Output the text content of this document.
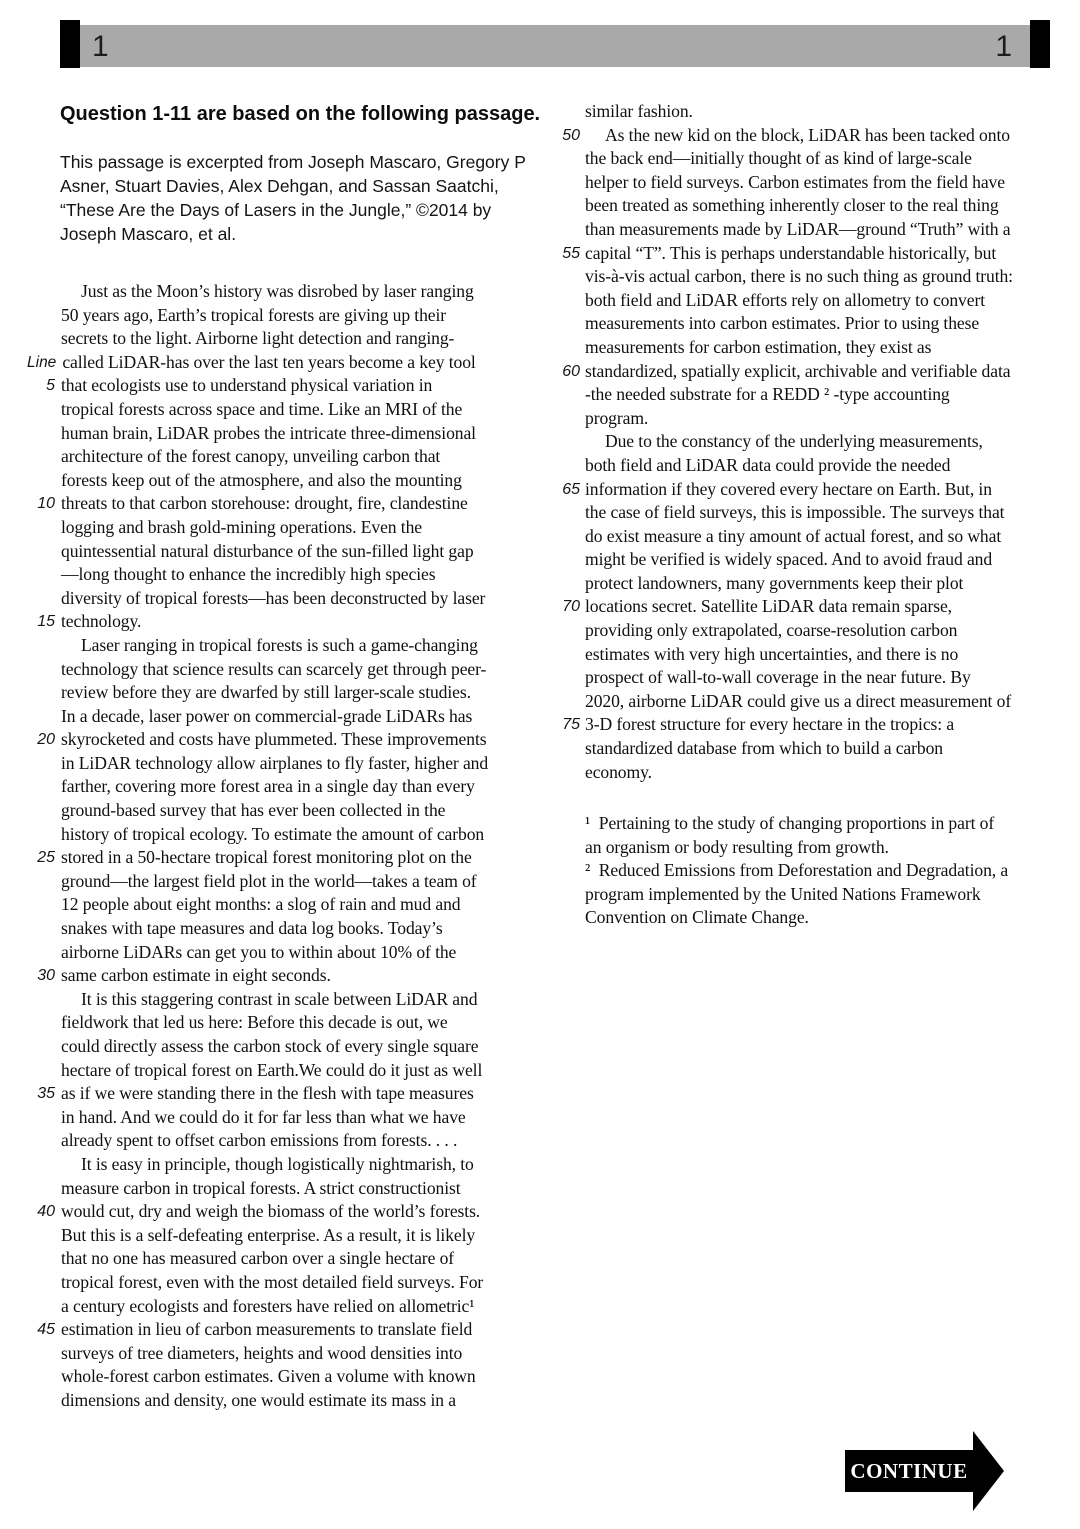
1	1
Question 1-11 are based on the following passage.
This passage is excerpted from Joseph Mascaro, Gregory P
Asner, Stuart Davies, Alex Dehgan, and Sassan Saatchi,
“These Are the Days of Lasers in the Jungle,” ©2014 by
Joseph Mascaro, et al.
Just as the Moon’s history was disrobed by laser ranging
50 years ago, Earth’s tropical forests are giving up their
secrets to the light. Airborne light detection and ranging-
Line called LiDAR-has over the last ten years become a key tool
5 that ecologists use to understand physical variation in
tropical forests across space and time. Like an MRI of the
human brain, LiDAR probes the intricate three-dimensional
architecture of the forest canopy, unveiling carbon that
forests keep out of the atmosphere, and also the mounting
10 threats to that carbon storehouse: drought, fire, clandestine
logging and brash gold-mining operations. Even the
quintessential natural disturbance of the sun-filled light gap
—long thought to enhance the incredibly high species
diversity of tropical forests—has been deconstructed by laser
15 technology.
Laser ranging in tropical forests is such a game-changing
technology that science results can scarcely get through peer-
review before they are dwarfed by still larger-scale studies.
In a decade, laser power on commercial-grade LiDARs has
20 skyrocketed and costs have plummeted. These improvements
in LiDAR technology allow airplanes to fly faster, higher and
farther, covering more forest area in a single day than every
ground-based survey that has ever been collected in the
history of tropical ecology. To estimate the amount of carbon
25 stored in a 50-hectare tropical forest monitoring plot on the
ground—the largest field plot in the world—takes a team of
12 people about eight months: a slog of rain and mud and
snakes with tape measures and data log books. Today’s
airborne LiDARs can get you to within about 10% of the
30 same carbon estimate in eight seconds.
It is this staggering contrast in scale between LiDAR and
fieldwork that led us here: Before this decade is out, we
could directly assess the carbon stock of every single square
hectare of tropical forest on Earth.We could do it just as well
35 as if we were standing there in the flesh with tape measures
in hand. And we could do it for far less than what we have
already spent to offset carbon emissions from forests. . . .
It is easy in principle, though logistically nightmarish, to
measure carbon in tropical forests. A strict constructionist
40 would cut, dry and weigh the biomass of the world’s forests.
But this is a self-defeating enterprise. As a result, it is likely
that no one has measured carbon over a single hectare of
tropical forest, even with the most detailed field surveys. For
a century ecologists and foresters have relied on allometric¹
45 estimation in lieu of carbon measurements to translate field
surveys of tree diameters, heights and wood densities into
whole-forest carbon estimates. Given a volume with known
dimensions and density, one would estimate its mass in a
similar fashion.
50	As the new kid on the block, LiDAR has been tacked onto
the back end—initially thought of as kind of large-scale
helper to field surveys. Carbon estimates from the field have
been treated as something inherently closer to the real thing
than measurements made by LiDAR—ground “Truth” with a
55 capital “T”. This is perhaps understandable historically, but
vis-à-vis actual carbon, there is no such thing as ground truth:
both field and LiDAR efforts rely on allometry to convert
measurements into carbon estimates. Prior to using these
measurements for carbon estimation, they exist as
60 standardized, spatially explicit, archivable and verifiable data
-the needed substrate for a REDD ² -type accounting
program.
Due to the constancy of the underlying measurements,
both field and LiDAR data could provide the needed
65 information if they covered every hectare on Earth. But, in
the case of field surveys, this is impossible. The surveys that
do exist measure a tiny amount of actual forest, and so what
might be verified is widely spaced. And to avoid fraud and
protect landowners, many governments keep their plot
70 locations secret. Satellite LiDAR data remain sparse,
providing only extrapolated, coarse-resolution carbon
estimates with very high uncertainties, and there is no
prospect of wall-to-wall coverage in the near future. By
2020, airborne LiDAR could give us a direct measurement of
75 3-D forest structure for every hectare in the tropics: a
standardized database from which to build a carbon
economy.
¹  Pertaining to the study of changing proportions in part of
an organism or body resulting from growth.
²  Reduced Emissions from Deforestation and Degradation, a
program implemented by the United Nations Framework
Convention on Climate Change.
CONTINUE
